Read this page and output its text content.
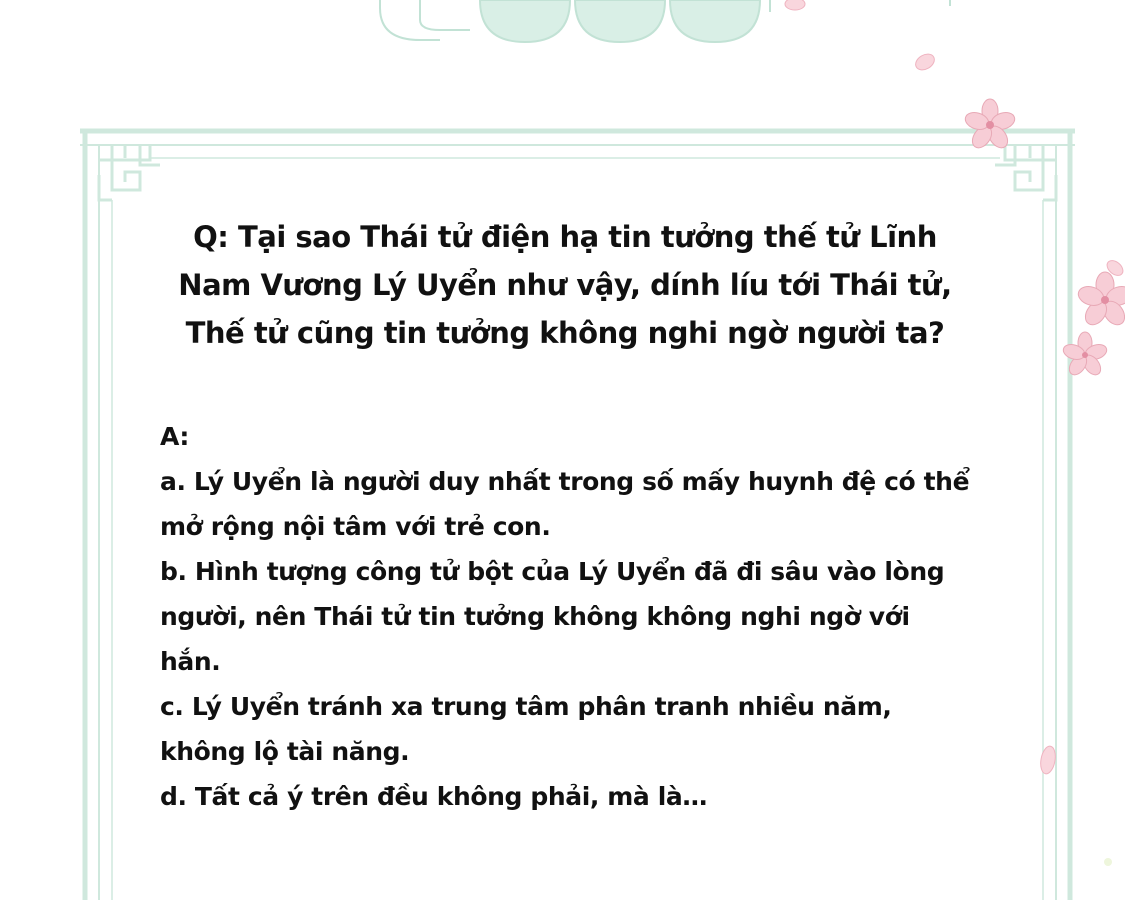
Q: Tại sao Thái tử điện hạ tin tưởng thế tử Lĩnh
Nam Vương Lý Uyển như vậy, dính líu tới Thái tử,
Thế tử cũng tin tưởng không nghi ngờ người ta?
A:
a. Lý Uyển là người duy nhất trong số mấy huynh đệ có thể
mở rộng nội tâm với trẻ con.
b. Hình tượng công tử bột của Lý Uyển đã đi sâu vào lòng
người, nên Thái tử tin tưởng không không nghi ngờ với
hắn.
c. Lý Uyển tránh xa trung tâm phân tranh nhiều năm,
không lộ tài năng.
d. Tất cả ý trên đều không phải, mà là…
